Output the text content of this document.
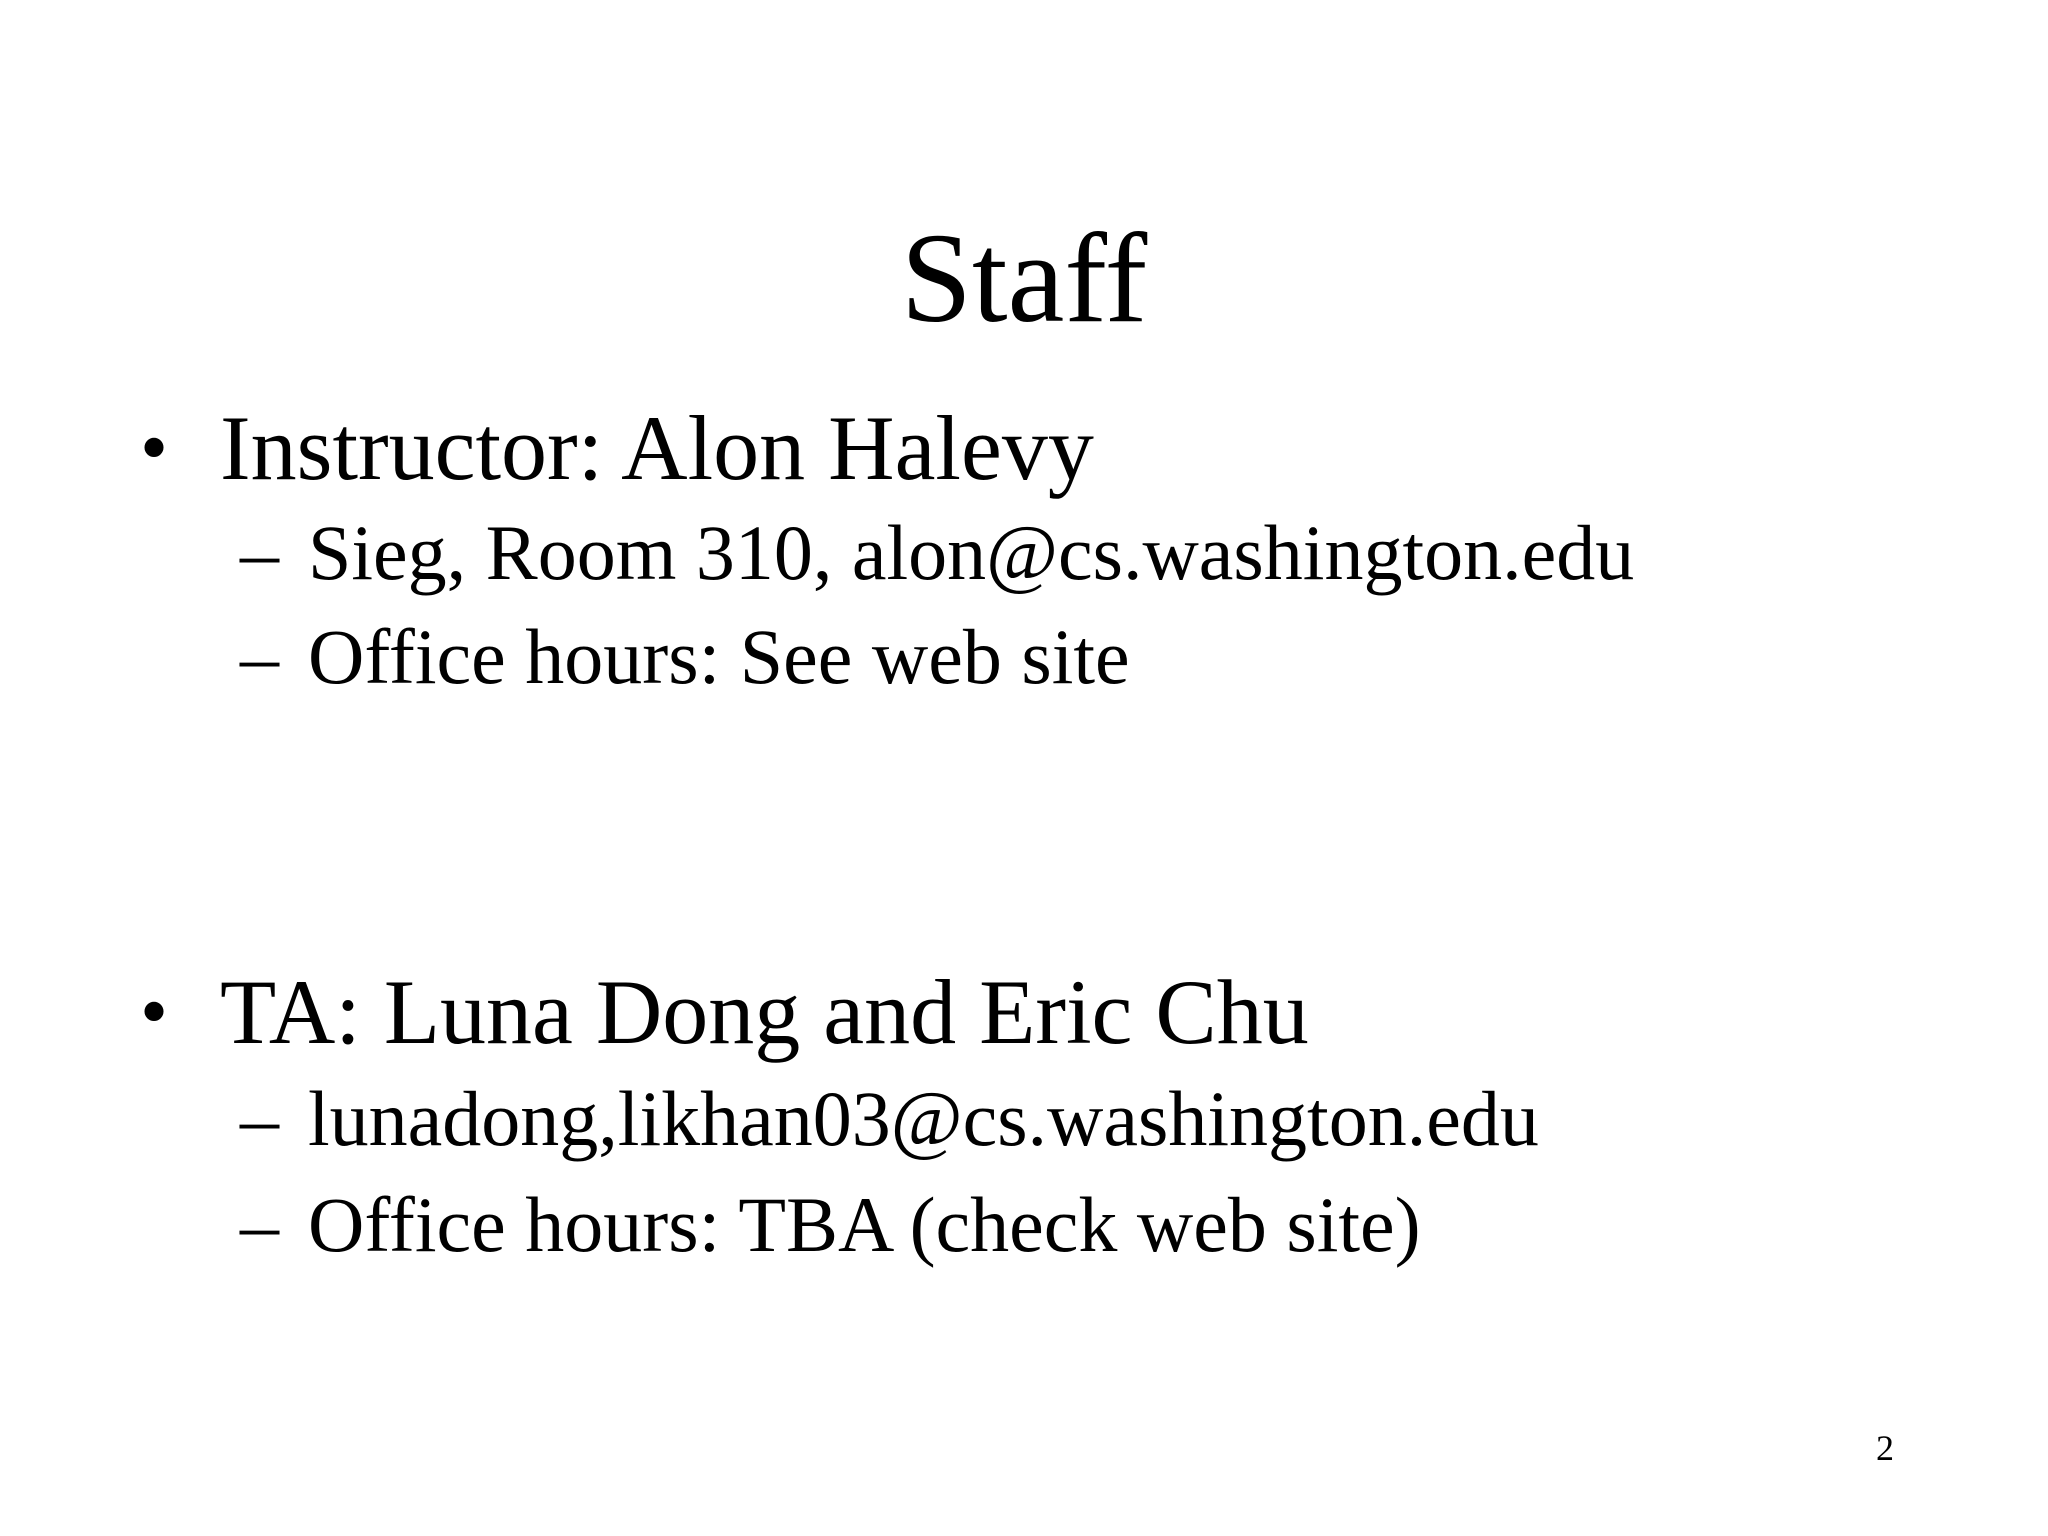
Staff
• Instructor: Alon Halevy
– Sieg, Room 310, alon@cs.washington.edu
– Office hours: See web site
• TA: Luna Dong and Eric Chu
– lunadong,likhan03@cs.washington.edu
– Office hours: TBA (check web site)
2
